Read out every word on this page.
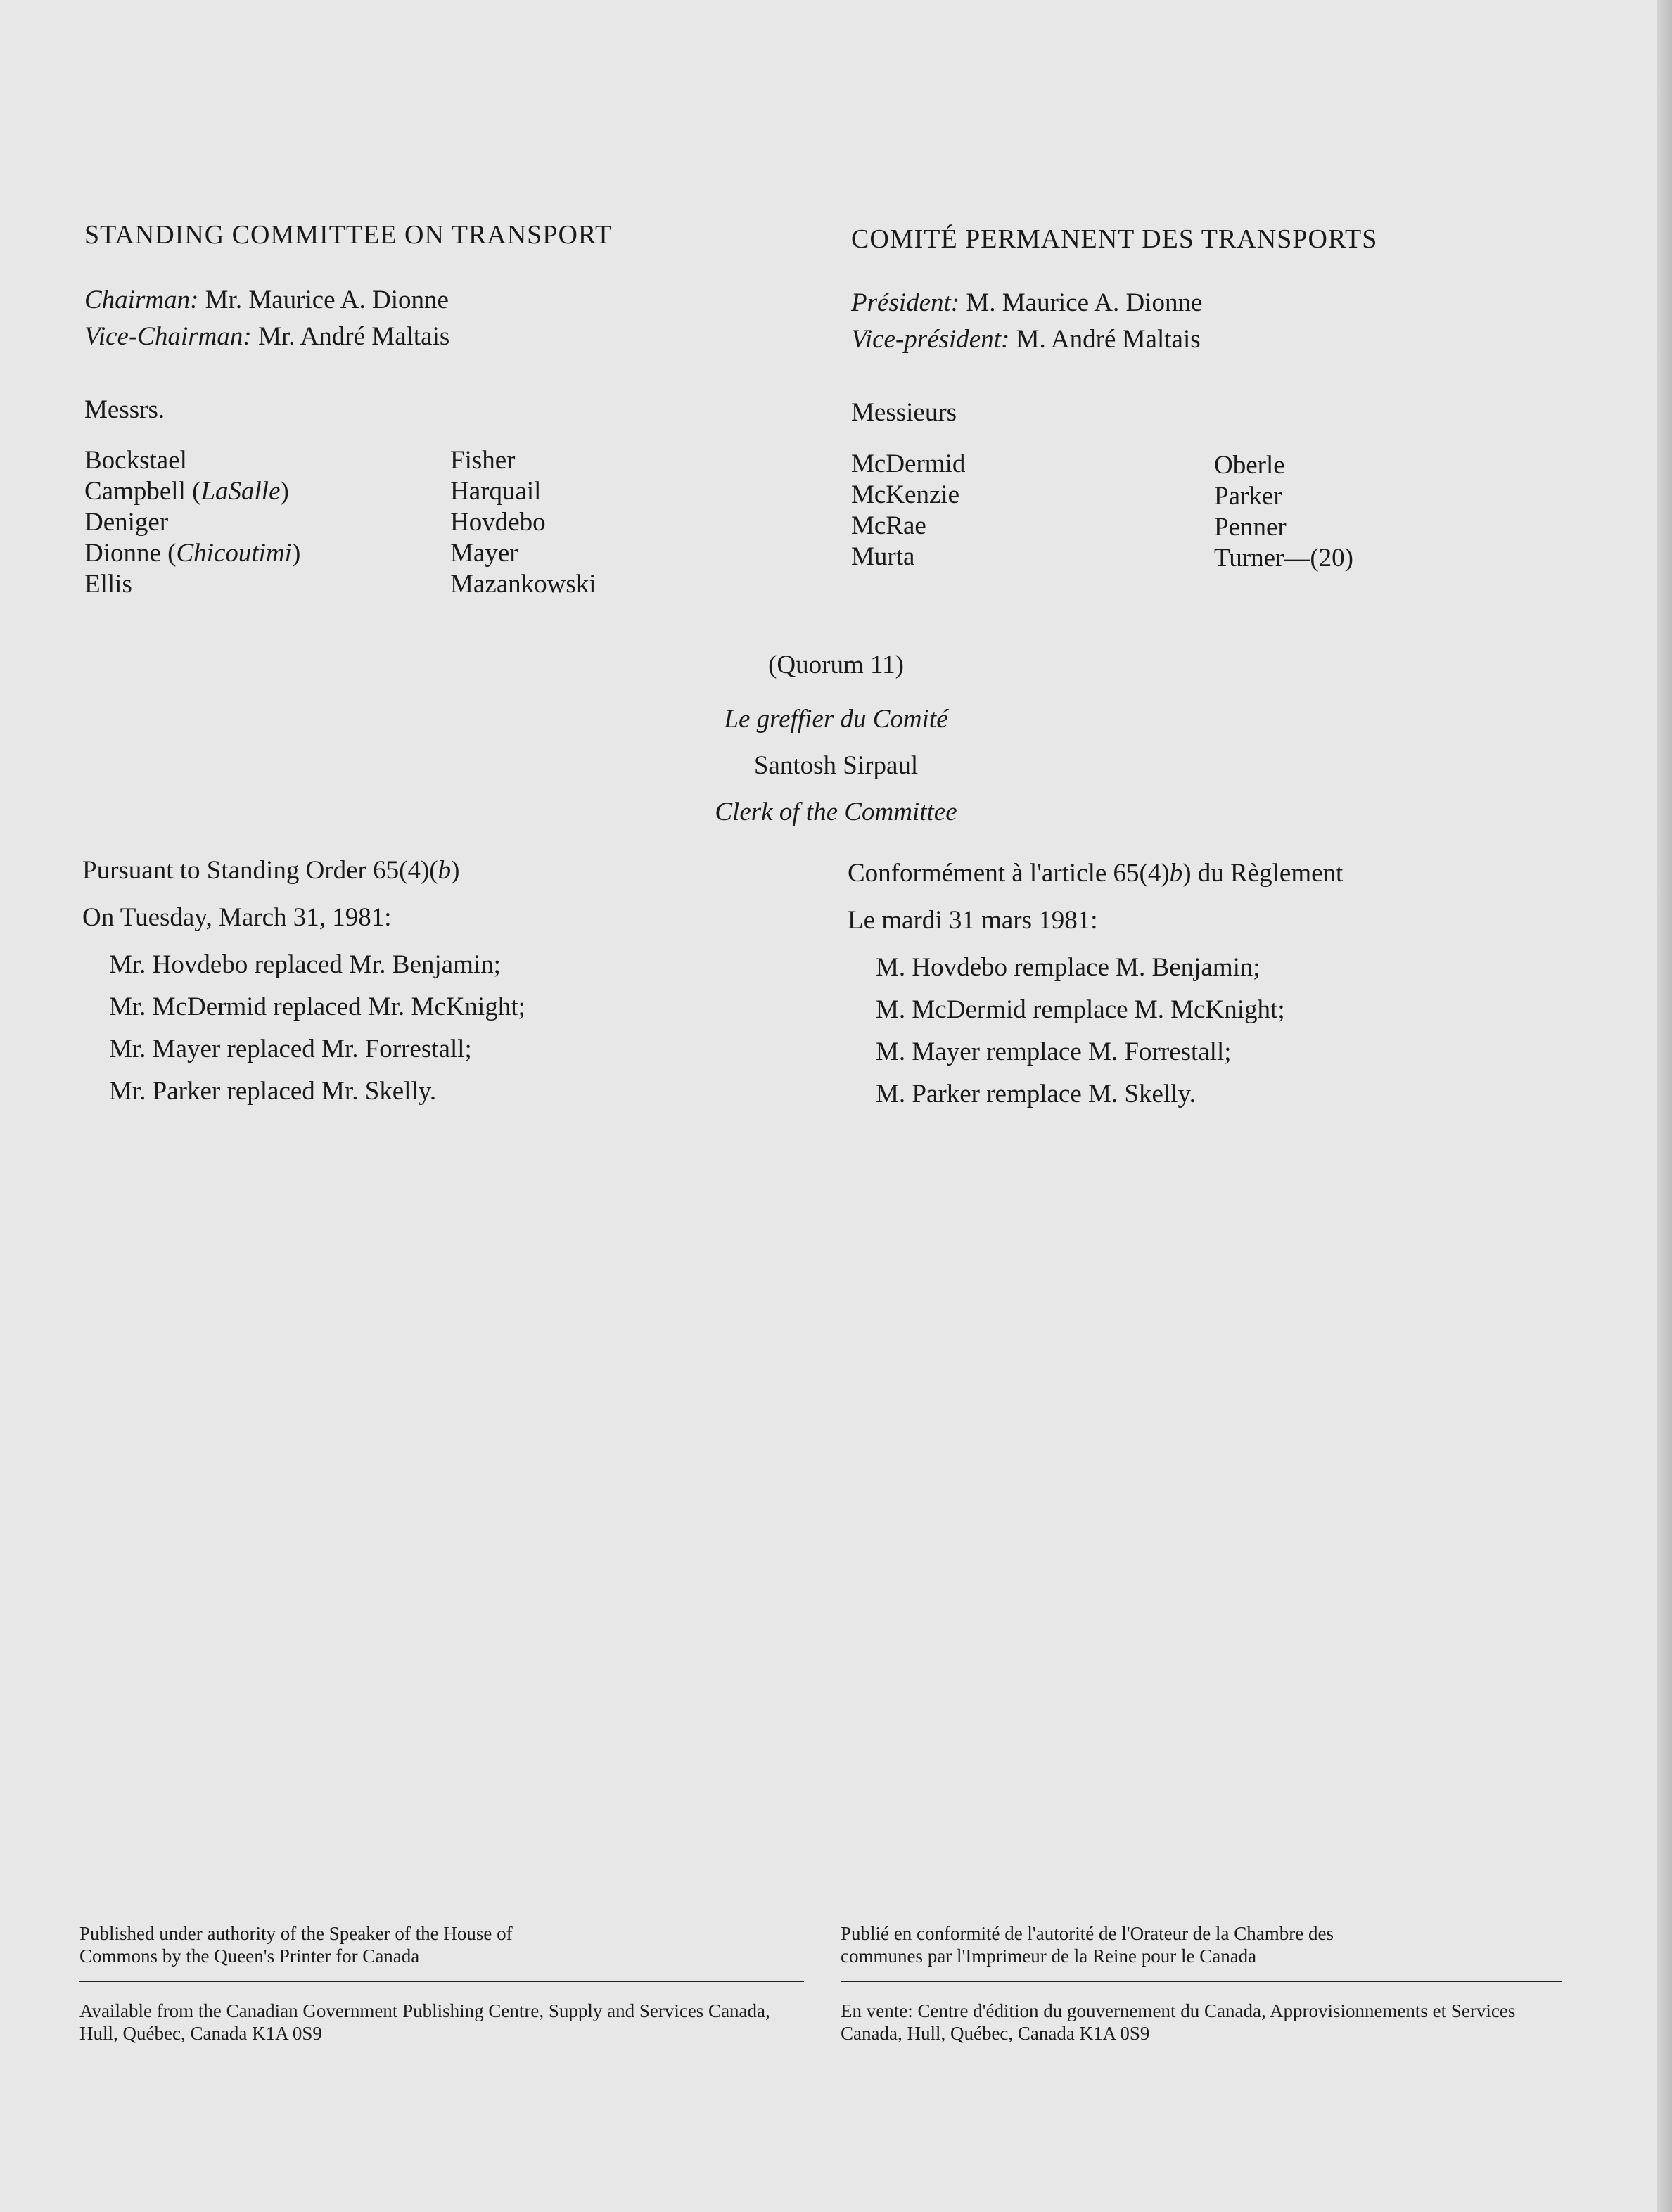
STANDING COMMITTEE ON TRANSPORT
Chairman: Mr. Maurice A. Dionne
Vice-Chairman: Mr. André Maltais
Messrs.
Bockstael
Campbell (LaSalle)
Deniger
Dionne (Chicoutimi)
Ellis
Fisher
Harquail
Hovdebo
Mayer
Mazankowski
COMITÉ PERMANENT DES TRANSPORTS
Président: M. Maurice A. Dionne
Vice-président: M. André Maltais
Messieurs
McDermid
McKenzie
McRae
Murta
Oberle
Parker
Penner
Turner—(20)
(Quorum 11)
Le greffier du Comité
Santosh Sirpaul
Clerk of the Committee
Pursuant to Standing Order 65(4)(b)
On Tuesday, March 31, 1981:
Mr. Hovdebo replaced Mr. Benjamin;
Mr. McDermid replaced Mr. McKnight;
Mr. Mayer replaced Mr. Forrestall;
Mr. Parker replaced Mr. Skelly.
Conformément à l'article 65(4)b) du Règlement
Le mardi 31 mars 1981:
M. Hovdebo remplace M. Benjamin;
M. McDermid remplace M. McKnight;
M. Mayer remplace M. Forrestall;
M. Parker remplace M. Skelly.
Published under authority of the Speaker of the House of Commons by the Queen's Printer for Canada
Available from the Canadian Government Publishing Centre, Supply and Services Canada, Hull, Québec, Canada K1A 0S9
Publié en conformité de l'autorité de l'Orateur de la Chambre des communes par l'Imprimeur de la Reine pour le Canada
En vente: Centre d'édition du gouvernement du Canada, Approvisionnements et Services Canada, Hull, Québec, Canada K1A 0S9
